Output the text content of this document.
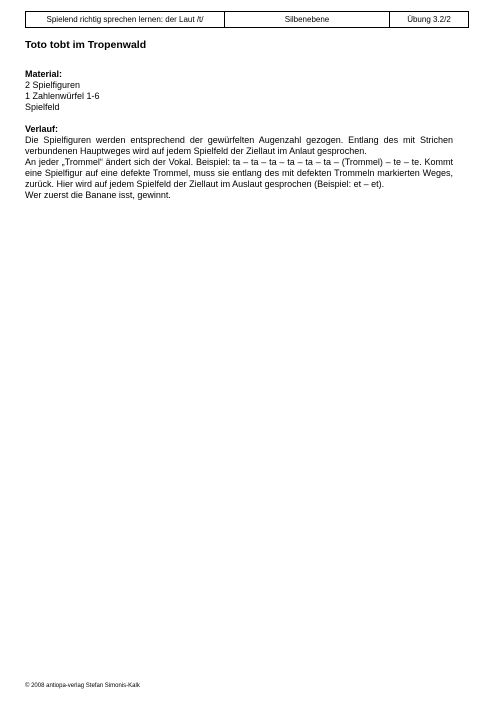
Spielend richtig sprechen lernen: der Laut /t/	Silbenebene	Übung 3.2/2

Toto tobt im Tropenwald

Material:

2 Spielfiguren

1 Zahlenwürfel 1-6

Spielfeld

Verlauf:

Die Spielfiguren werden entsprechend der gewürfelten Augenzahl gezogen. Entlang des mit Strichen verbundenen Hauptweges wird auf jedem Spielfeld der Ziellaut im Anlaut gesprochen.

An jeder „Trommel“ ändert sich der Vokal. Beispiel: ta – ta – ta – ta – ta – ta – (Trommel) – te – te. Kommt eine Spielfigur auf eine defekte Trommel, muss sie entlang des mit defekten Trommeln markierten Weges, zurück. Hier wird auf jedem Spielfeld der Ziellaut im Auslaut gesprochen (Beispiel: et – et).

Wer zuerst die Banane isst, gewinnt.

© 2008 antiopa-verlag Stefan Simonis-Kalk
